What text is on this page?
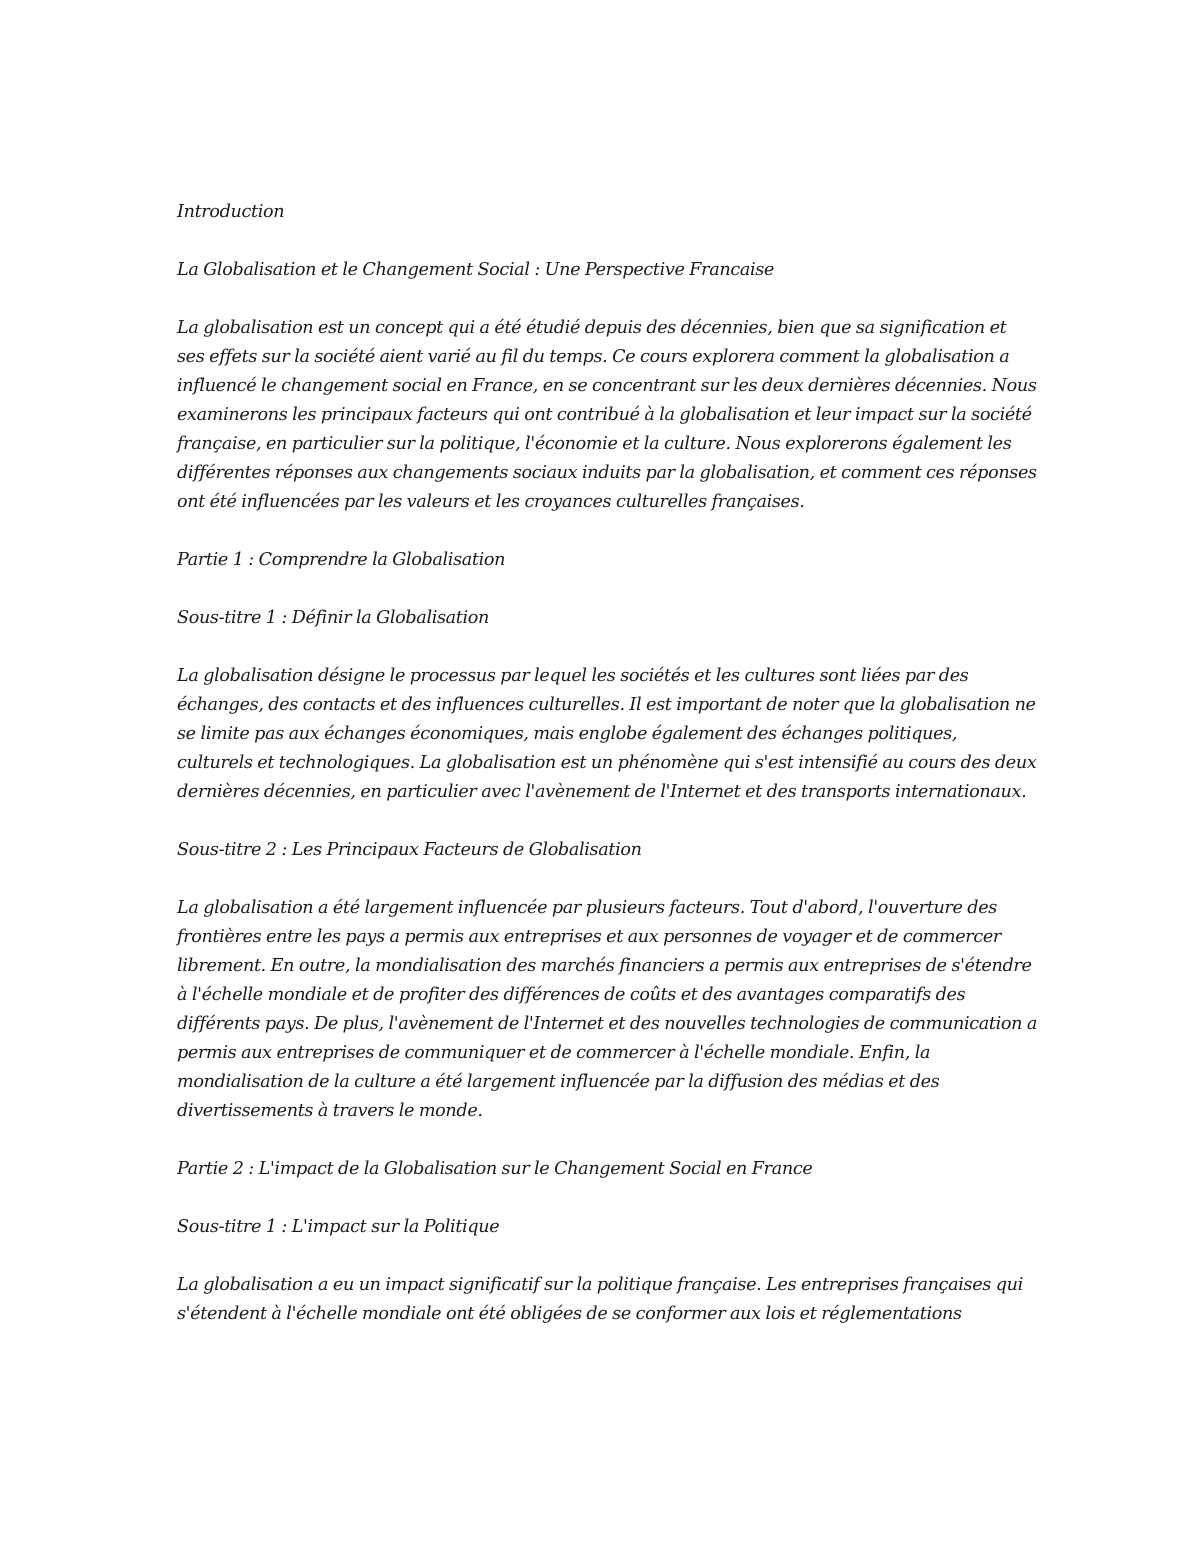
Introduction

La Globalisation et le Changement Social : Une Perspective Francaise

La globalisation est un concept qui a été étudié depuis des décennies, bien que sa signification et ses effets sur la société aient varié au fil du temps. Ce cours explorera comment la globalisation a influencé le changement social en France, en se concentrant sur les deux dernières décennies. Nous examinerons les principaux facteurs qui ont contribué à la globalisation et leur impact sur la société française, en particulier sur la politique, l'économie et la culture. Nous explorerons également les différentes réponses aux changements sociaux induits par la globalisation, et comment ces réponses ont été influencées par les valeurs et les croyances culturelles françaises.

Partie 1 : Comprendre la Globalisation

Sous-titre 1 : Définir la Globalisation

La globalisation désigne le processus par lequel les sociétés et les cultures sont liées par des échanges, des contacts et des influences culturelles. Il est important de noter que la globalisation ne se limite pas aux échanges économiques, mais englobe également des échanges politiques, culturels et technologiques. La globalisation est un phénomène qui s'est intensifié au cours des deux dernières décennies, en particulier avec l'avènement de l'Internet et des transports internationaux.

Sous-titre 2 : Les Principaux Facteurs de Globalisation

La globalisation a été largement influencée par plusieurs facteurs. Tout d'abord, l'ouverture des frontières entre les pays a permis aux entreprises et aux personnes de voyager et de commercer librement. En outre, la mondialisation des marchés financiers a permis aux entreprises de s'étendre à l'échelle mondiale et de profiter des différences de coûts et des avantages comparatifs des différents pays. De plus, l'avènement de l'Internet et des nouvelles technologies de communication a permis aux entreprises de communiquer et de commercer à l'échelle mondiale. Enfin, la mondialisation de la culture a été largement influencée par la diffusion des médias et des divertissements à travers le monde.

Partie 2 : L'impact de la Globalisation sur le Changement Social en France

Sous-titre 1 : L'impact sur la Politique

La globalisation a eu un impact significatif sur la politique française. Les entreprises françaises qui s'étendent à l'échelle mondiale ont été obligées de se conformer aux lois et réglementations
